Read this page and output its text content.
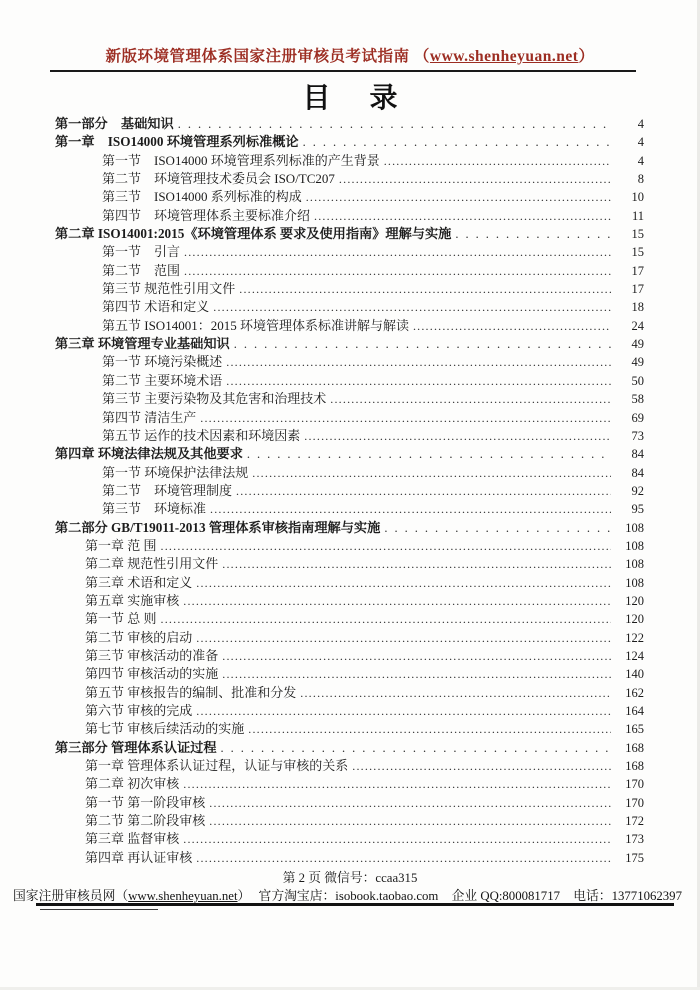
新版环境管理体系国家注册审核员考试指南 （www.shenheyuan.net）
目 录
第一部分　基础知识 .....	4
第一章　ISO14000 环境管理系列标准概论 .....	4
第一节　ISO14000 环境管理系列标准的产生背景 .....	4
第二节　环境管理技术委员会 ISO/TC207 .....	8
第三节　ISO14000 系列标准的构成 .....	10
第四节　环境管理体系主要标准介绍 .....	11
第二章 ISO14001:2015《环境管理体系 要求及使用指南》理解与实施 .....	15
第一节　引言 .....	15
第二节　范围 .....	17
第三节 规范性引用文件 .....	17
第四节 术语和定义 .....	18
第五节 ISO14001：2015 环境管理体系标准讲解与解读 .....	24
第三章 环境管理专业基础知识 .....	49
第一节 环境污染概述 .....	49
第二节 主要环境术语 .....	50
第三节 主要污染物及其危害和治理技术 .....	58
第四节 清洁生产 .....	69
第五节 运作的技术因素和环境因素 .....	73
第四章 环境法律法规及其他要求 .....	84
第一节 环境保护法律法规 .....	84
第二节　环境管理制度 .....	92
第三节　环境标准 .....	95
第二部分 GB/T19011-2013 管理体系审核指南理解与实施 .....	108
第一章 范 围 .....	108
第二章 规范性引用文件 .....	108
第三章 术语和定义 .....	108
第五章 实施审核 .....	120
第一节 总 则 .....	120
第二节 审核的启动 .....	122
第三节 审核活动的准备 .....	124
第四节 审核活动的实施 .....	140
第五节 审核报告的编制、批准和分发 .....	162
第六节 审核的完成 .....	164
第七节 审核后续活动的实施 .....	165
第三部分 管理体系认证过程 .....	168
第一章 管理体系认证过程，认证与审核的关系 .....	168
第二章 初次审核 .....	170
第一节 第一阶段审核 .....	170
第二节 第二阶段审核 .....	172
第三章 监督审核 .....	173
第四章 再认证审核 .....	175
第 2 页 微信号：ccaa315
国家注册审核员网（www.shenheyuan.net） 官方淘宝店：isobook.taobao.com 企业 QQ:800081717 电话：13771062397
